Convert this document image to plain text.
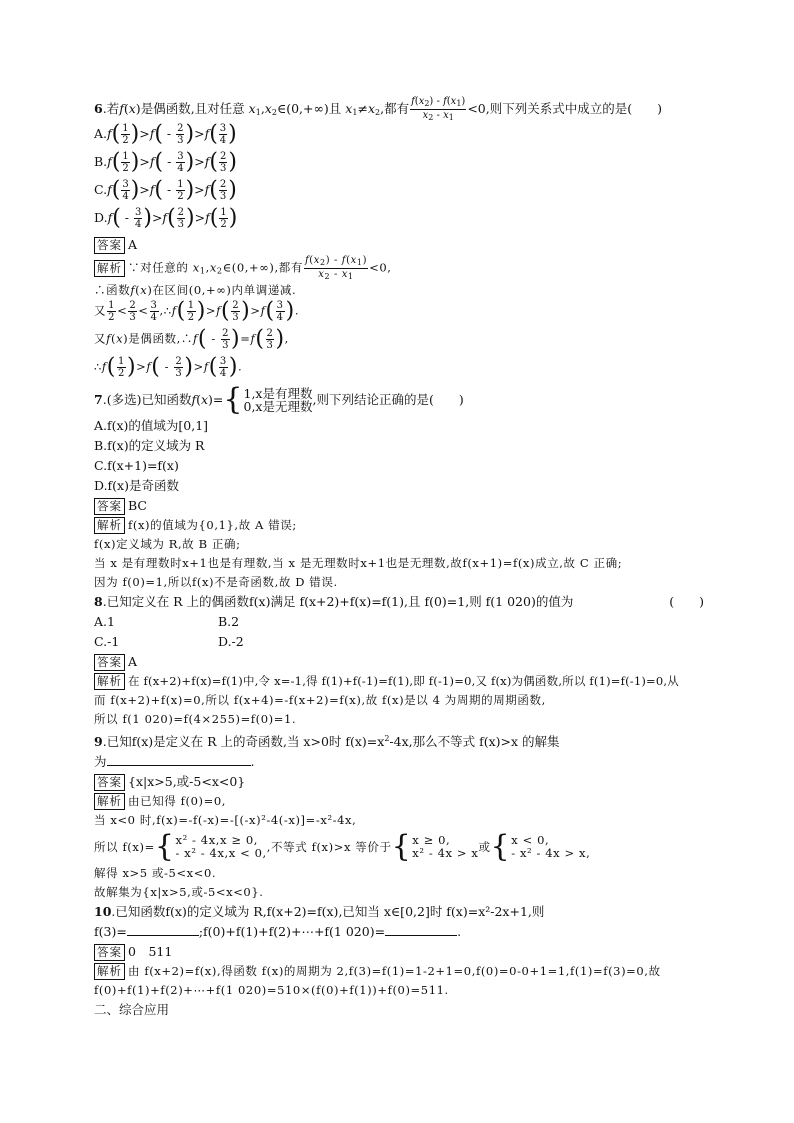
6.若f(x)是偶函数,且对任意 $x_1,x_2\in(0,+\infty)$且 $x_1\ne x_2$,都有 $\frac{f(x_2) - f(x_1)}{x_2 - x_1} <0$,则下列关系式中成立的是(　　)
$A.f( \frac{1}{2} )>f( - \frac{2}{3} )>f( \frac{3}{4}$ )
$B.f( \frac{1}{2} )>f( - \frac{3}{4} )>f( \frac{2}{3}$ )
$C.f( \frac{3}{4} )>f( - \frac{1}{2} )>f( \frac{2}{3}$ )
$D.f( - \frac{3}{4} )>f( \frac{2}{3} )>f( \frac{1}{2}$ )
答案 A
解析 ∵对任意的 $x_1,x_2\in(0,+\infty)$,都有 $\frac{f(x_2) - f(x_1)}{x_2 - x_1} <0$,
∴函数f(x)在区间(0,+∞)内单调递减.
又 $\frac{1}{2} < \frac{2}{3} < \frac{3}{4}$ ,∴f( $\frac{1}{2} )>f( \frac{2}{3} )>f( \frac{3}{4}$ ).
又f(x)是偶函数,∴f( - $\frac{2}{3} )=f( \frac{2}{3}$ ),
∴f( $\frac{1}{2} )>f( - \frac{2}{3} )>f( \frac{3}{4}$ ).
7 . (多选)已知函数 f ( x )= { 1,x是有理数
0,x是无理数 ,则下列结论正确的是(　　)
A.f(x)的值域为[0,1]
B.f(x)的定义域为 R
C.f(x+1)=f(x)
D.f(x)是奇函数
答案 BC
解析 f(x)的值域为{0,1},故 A 错误;
f(x)定义域为 R,故 B 正确;
当 x 是有理数时x+1也是有理数,当 x 是无理数时x+1也是无理数,故f(x+1)=f(x)成立,故 C 正确;
因为 f(0)=1,所以f(x)不是奇函数,故 D 错误.
8.已知定义在 R 上的偶函数f(x)满足 f(x+2)+f(x)=f(1),且 f(0)=1,则 f(1 020)的值为	(　　)
A.1	B.2
C.-1	D.-2
答案 A
解析 在 f(x+2)+f(x)=f(1)中,令 x=-1,得 f(1)+f(-1)=f(1),即 f(-1)=0,又 f(x)为偶函数,所以 f(1)=f(-1)=0,从
而 f(x+2)+f(x)=0,所以 f(x+4)=-f(x+2)=f(x),故 f(x)是以 4 为周期的周期函数,
所以 f(1 020)=f(4×255)=f(0)=1.
9.已知f(x)是定义在 R 上的奇函数,当 x>0时 $f(x)=x^2-4x$,那么不等式 f(x)>x 的解集
为	.
答案 {x|x>5,或-5<x<0}
解析 由已知得 f(0)=0,
当 x<0 时,f(x)=-f(-x)=-[(-x)²-4(-x)]=-x²-4x,
所以 f(x)= { x² - 4x,x ≥ 0,
- x² - 4x,x < 0, ,不等式 f(x)>x 等价于 { x ≥ 0,
x² - 4x > x 或 { x < 0,
- x² - 4x > x,
解得 x>5 或-5<x<0.
故解集为{x|x>5,或-5<x<0}.
10.已知函数f(x)的定义域为 R,f(x+2)=f(x),已知当 x∈[0,2]时 f(x)=x²-2x+1,则
f(3)=	;f(0)+f(1)+f(2)+⋯+f(1 020)=	.
答案 0　511
解析 由 f(x+2)=f(x),得函数 f(x)的周期为 2,f(3)=f(1)=1-2+1=0,f(0)=0-0+1=1,f(1)=f(3)=0,故
f(0)+f(1)+f(2)+⋯+f(1 020)=510×(f(0)+f(1))+f(0)=511.
二、综合应用
